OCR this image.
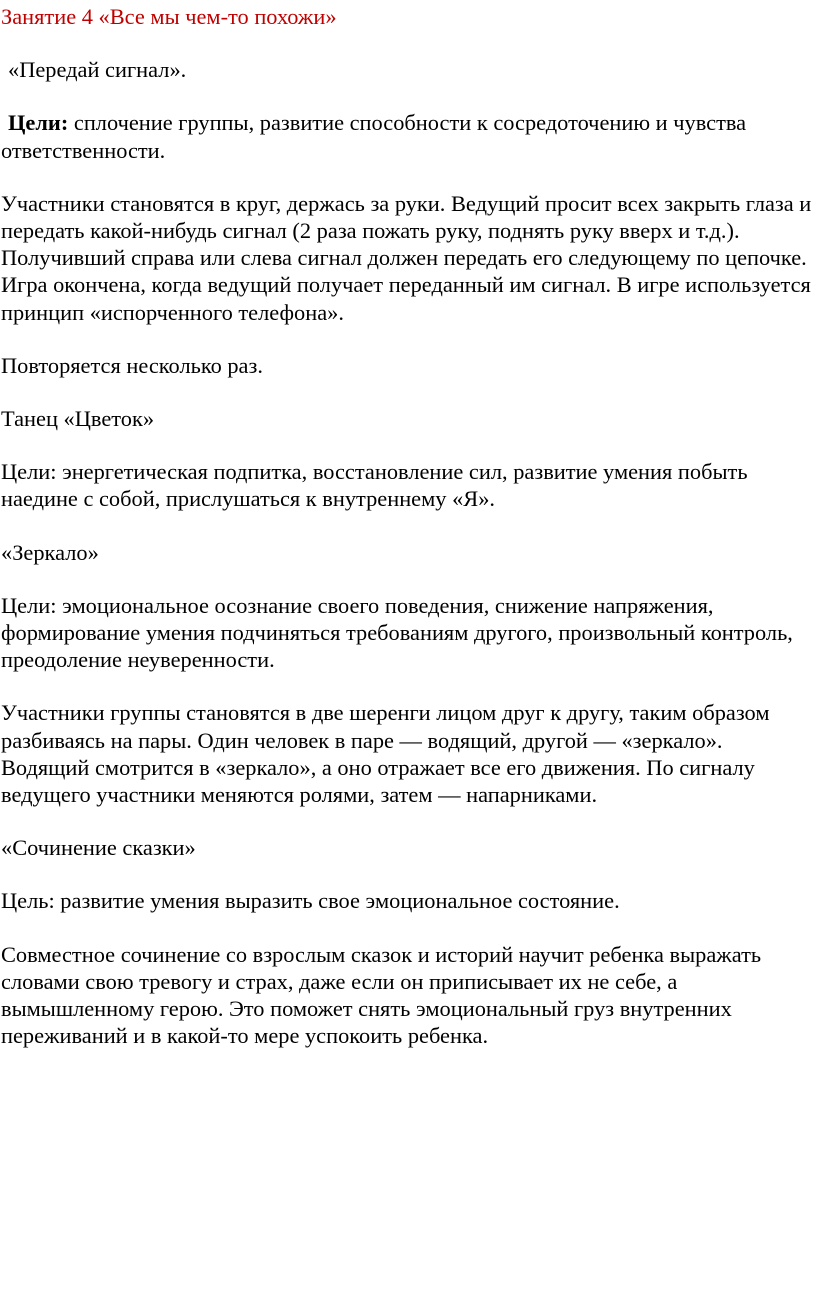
Занятие 4 «Все мы чем-то похожи»

«Передай сигнал».

Цели: сплочение группы, развитие способности к сосредоточению и чувства ответственности.

Участники становятся в круг, держась за руки. Ведущий просит всех закрыть глаза и передать какой-нибудь сигнал (2 раза пожать руку, поднять руку вверх и т.д.). Получивший справа или слева сигнал должен передать его следующему по цепочке. Игра окончена, когда ведущий получает переданный им сигнал. В игре используется принцип «испорченного телефона».

Повторяется несколько раз.

Танец «Цветок»

Цели: энергетическая подпитка, восстановление сил, развитие умения побыть наедине с собой, прислушаться к внутреннему «Я».

«Зеркало»

Цели: эмоциональное осознание своего поведения, снижение напряжения, формирование умения подчиняться требованиям другого, произвольный контроль, преодоление неуверенности.

Участники группы становятся в две шеренги лицом друг к другу, таким образом разбиваясь на пары. Один человек в паре — водящий, другой — «зеркало». Водящий смотрится в «зеркало», а оно отражает все его движения. По сигналу ведущего участники меняются ролями, затем — напарниками.

«Сочинение сказки»

Цель: развитие умения выразить свое эмоциональное состояние.

Совместное сочинение со взрослым сказок и историй научит ребенка выражать словами свою тревогу и страх, даже если он приписывает их не себе, а вымышленному герою. Это поможет снять эмоциональный груз внутренних переживаний и в какой-то мере успокоить ребенка.
